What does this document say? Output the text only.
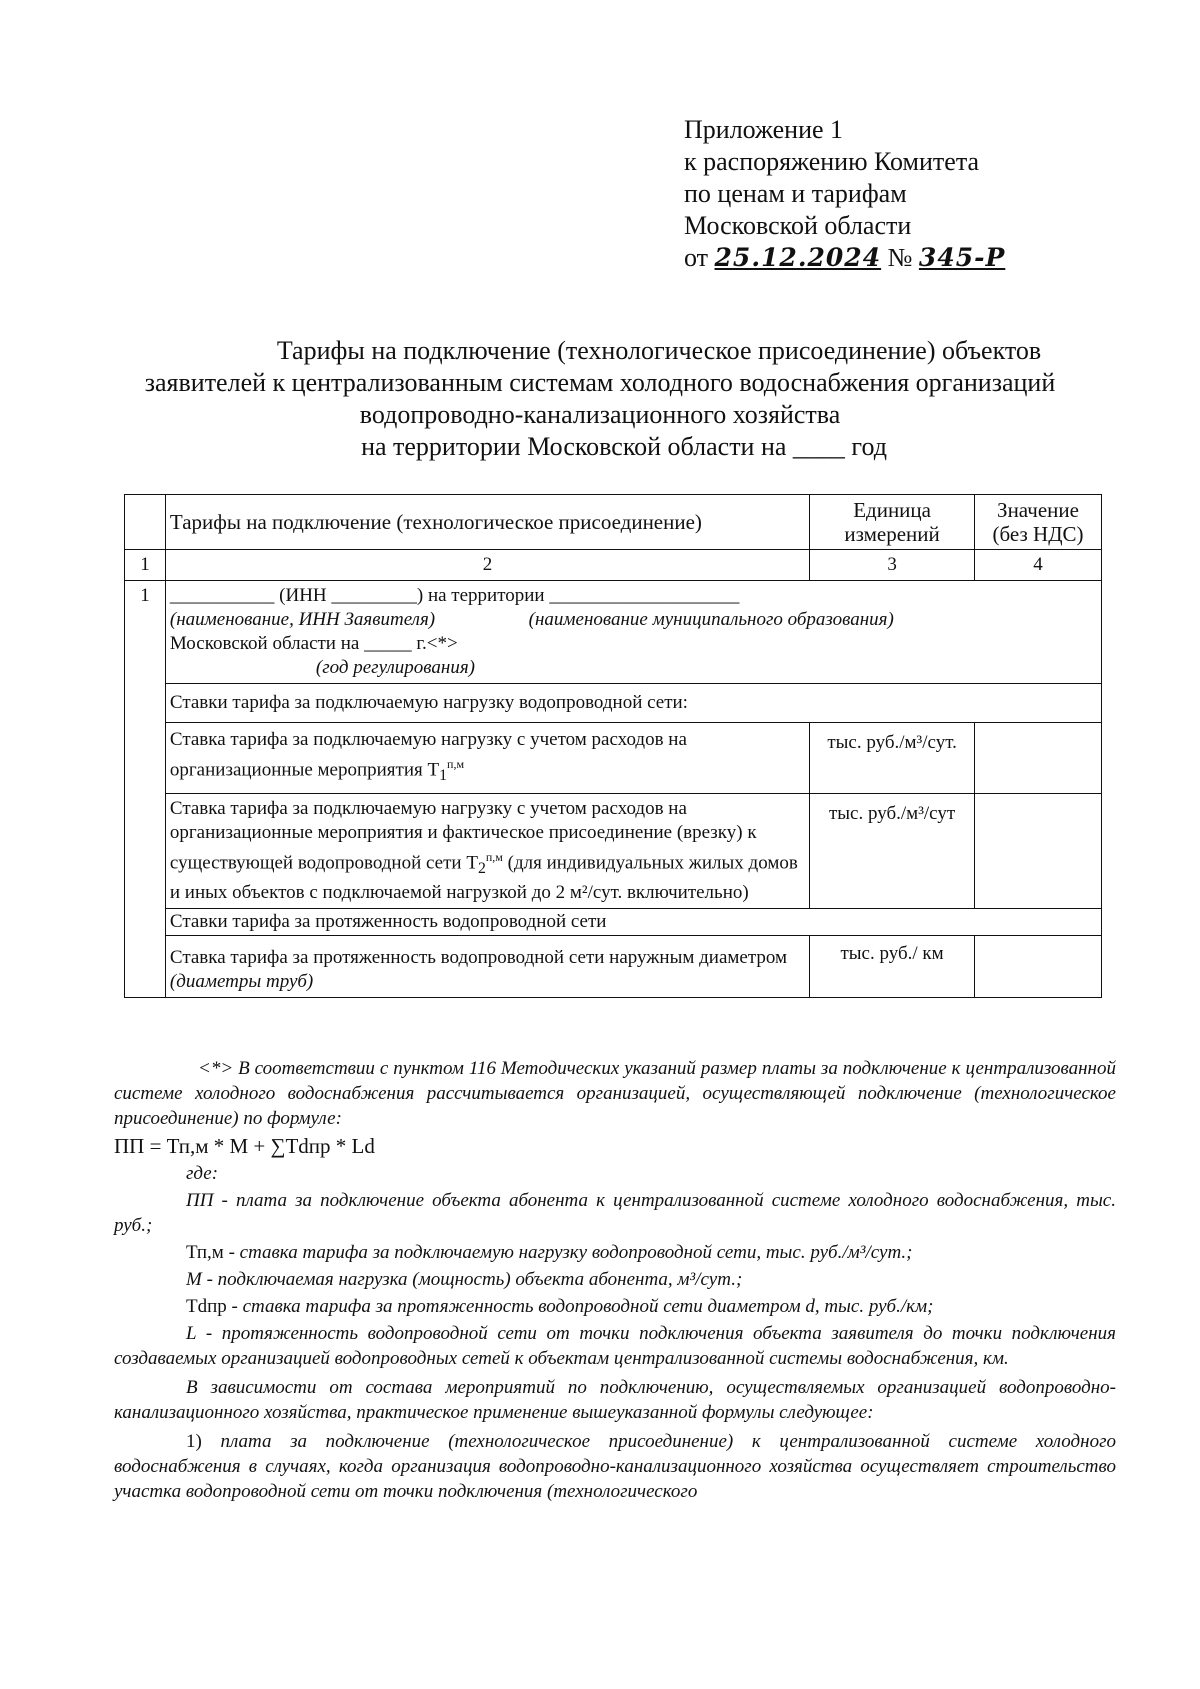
Приложение 1
к распоряжению Комитета
по ценам и тарифам
Московской области
от 25.12.2024 № 345-Р
Тарифы на подключение (технологическое присоединение) объектов
заявителей к централизованным системам холодного водоснабжения организаций
водопроводно-канализационного хозяйства
на территории Московской области на ____ год
	Тарифы на подключение (технологическое присоединение)	Единица измерений	Значение (без НДС)
1	2	3	4
1	___________ (ИНН _________) на территории ____________________
(наименование, ИНН Заявителя) (наименование муниципального образования)
Московской области на _____ г.<*>
(год регулирования)		

	Ставки тарифа за подключаемую нагрузку водопроводной сети:		
	Ставка тарифа за подключаемую нагрузку с учетом расходов на организационные мероприятия $Т_1^{п,м}$	тыс. руб./м³/сут.	
	Ставка тарифа за подключаемую нагрузку с учетом расходов на организационные мероприятия и фактическое присоединение (врезку) к существующей водопроводной сети $Т_2^{п,м}$ (для индивидуальных жилых домов и иных объектов с подключаемой нагрузкой до 2 м²/сут. включительно)	тыс. руб./м³/сут	
	Ставки тарифа за протяженность водопроводной сети		
	Ставка тарифа за протяженность водопроводной сети наружным диаметром (диаметры труб)	тыс. руб./ км	

<*> В соответствии с пунктом 116 Методических указаний размер платы за подключение к централизованной системе холодного водоснабжения рассчитывается организацией, осуществляющей подключение (технологическое присоединение) по формуле:

ПП = Тп,м * М + ∑Тdпр * Ld

где:

ПП - плата за подключение объекта абонента к централизованной системе холодного водоснабжения, тыс. руб.;

Тп,м - ставка тарифа за подключаемую нагрузку водопроводной сети, тыс. руб./м³/сут.;

М - подключаемая нагрузка (мощность) объекта абонента, м³/сут.;

Тdпр - ставка тарифа за протяженность водопроводной сети диаметром d, тыс. руб./км;

L - протяженность водопроводной сети от точки подключения объекта заявителя до точки подключения создаваемых организацией водопроводных сетей к объектам централизованной системы водоснабжения, км.

В зависимости от состава мероприятий по подключению, осуществляемых организацией водопроводно-канализационного хозяйства, практическое применение вышеуказанной формулы следующее:

1) плата за подключение (технологическое присоединение) к централизованной системе холодного водоснабжения в случаях, когда организация водопроводно-канализационного хозяйства осуществляет строительство участка водопроводной сети от точки подключения (технологического
